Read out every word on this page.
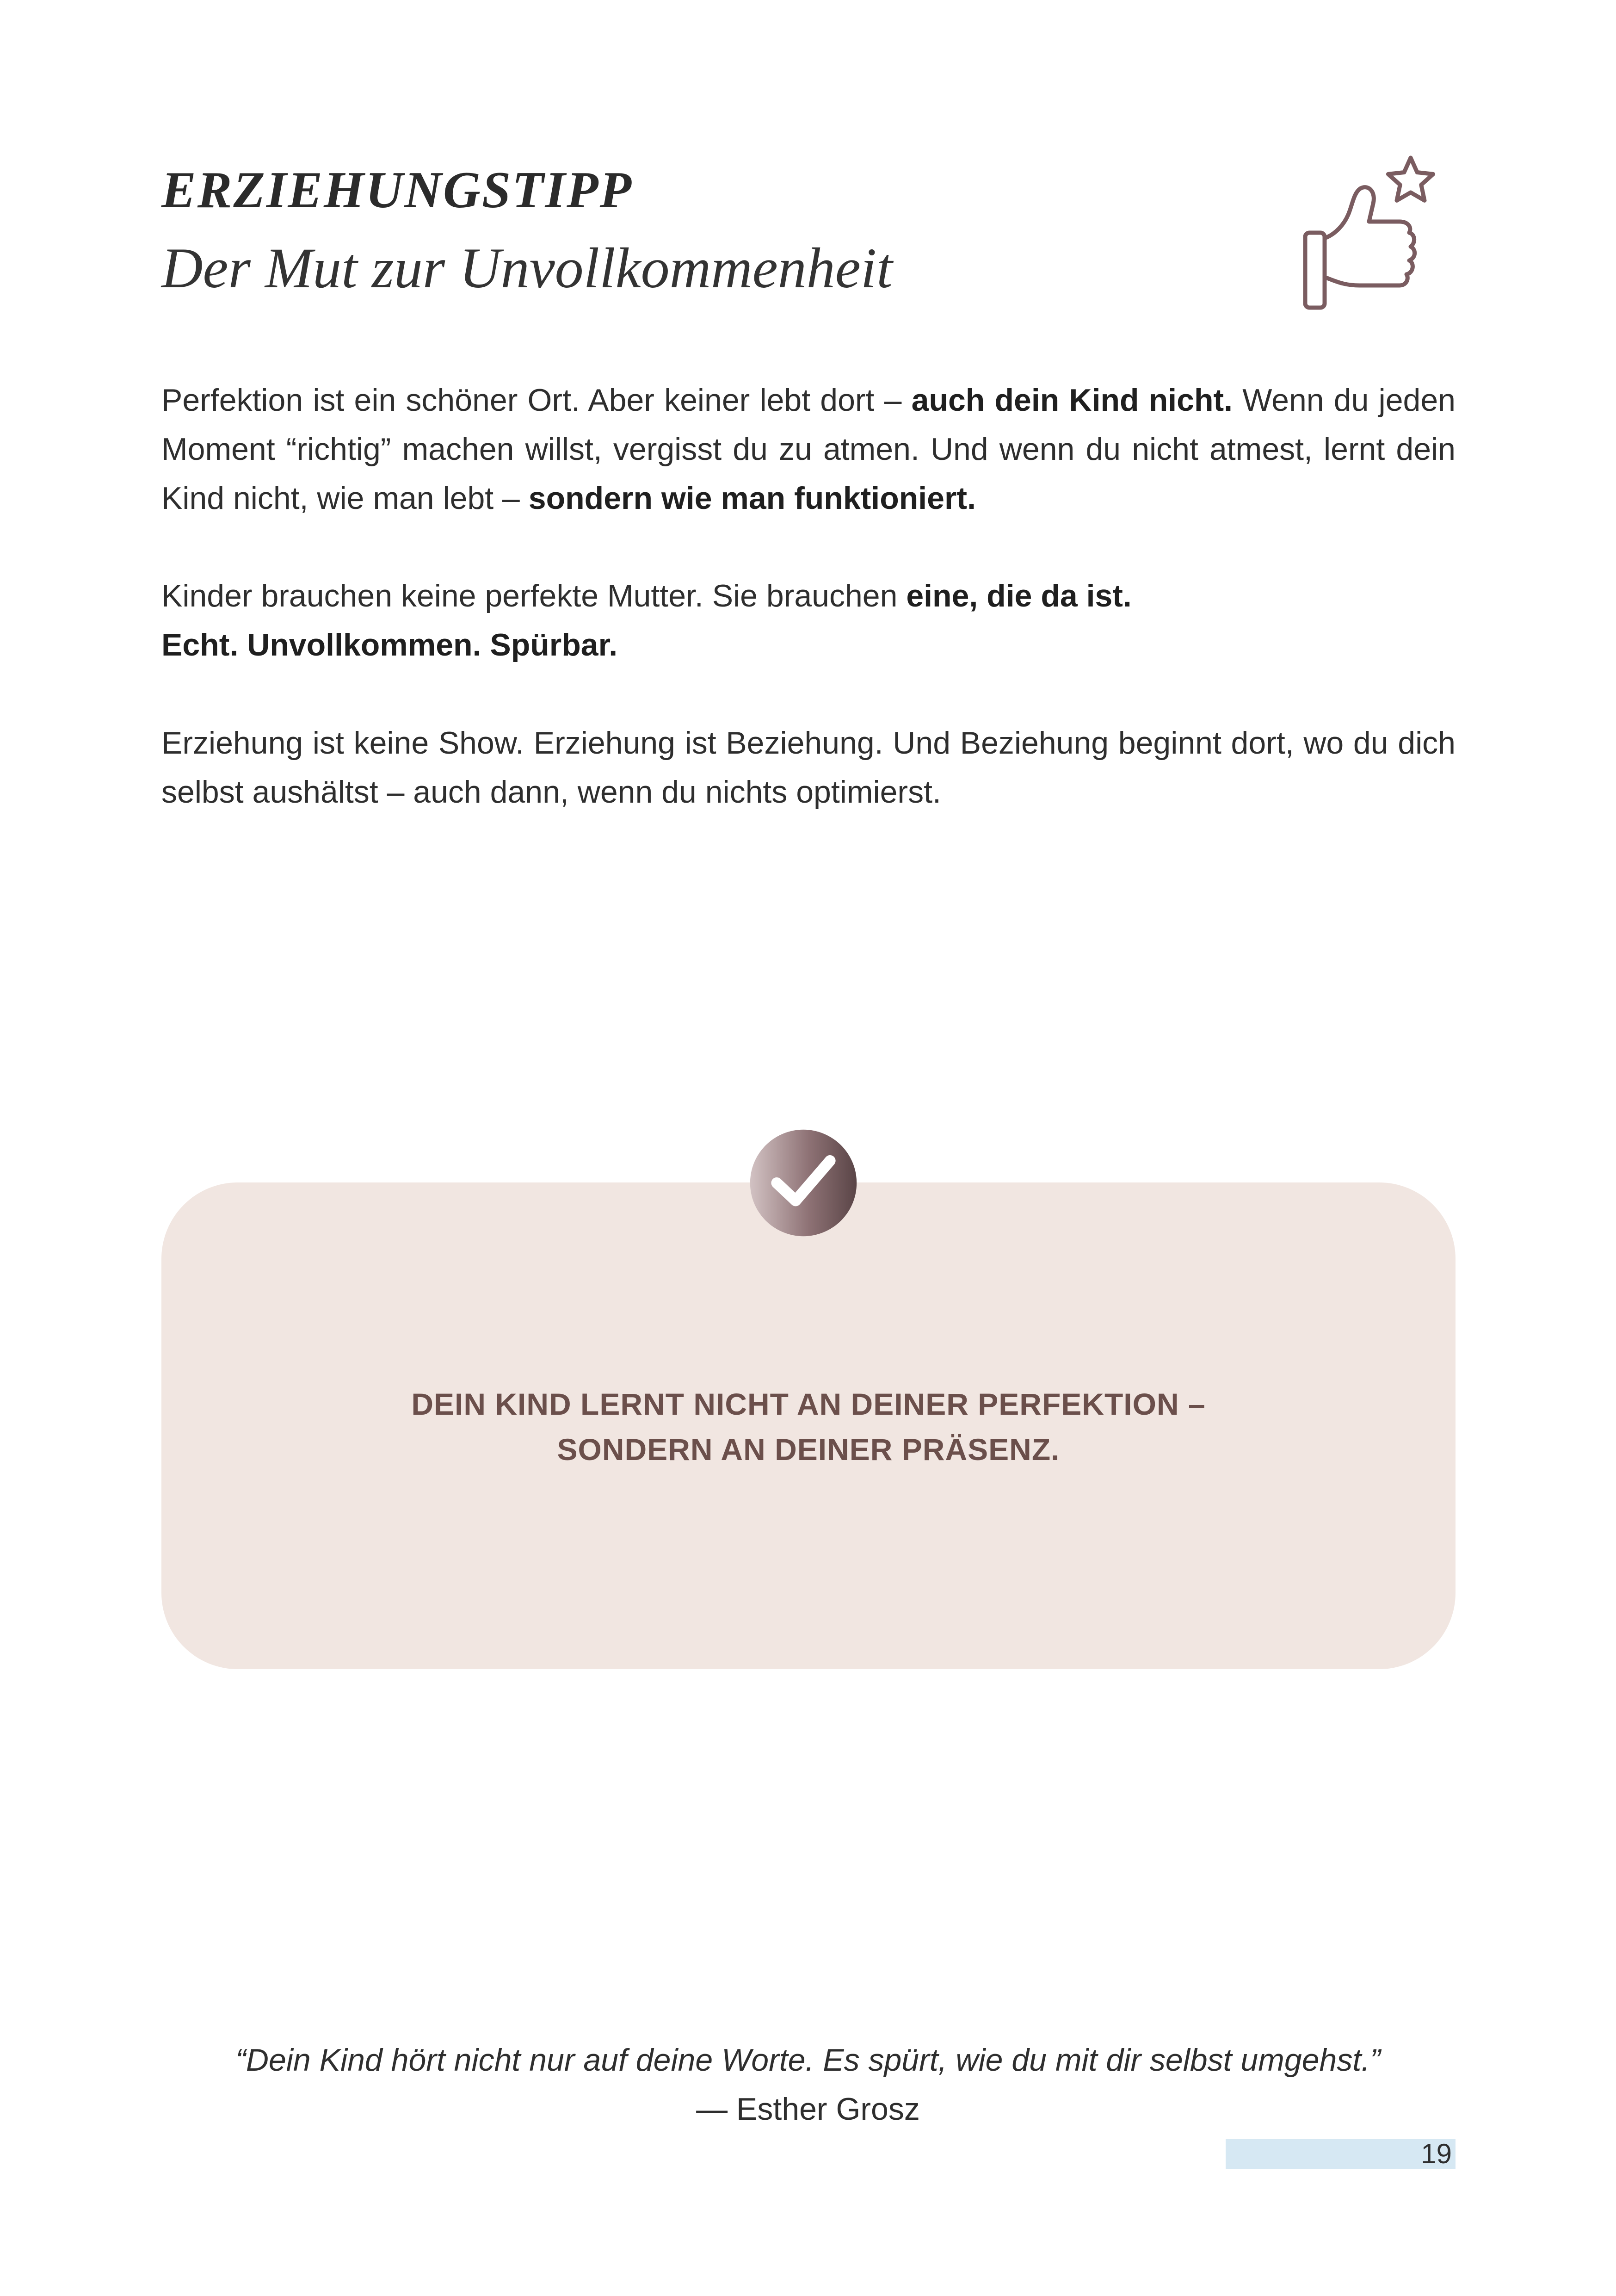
ERZIEHUNGSTIPP
Der Mut zur Unvollkommenheit

Perfektion ist ein schöner Ort. Aber keiner lebt dort – auch dein Kind nicht. Wenn du jeden Moment “richtig” machen willst, vergisst du zu atmen. Und wenn du nicht atmest, lernt dein Kind nicht, wie man lebt – sondern wie man funktioniert.

Kinder brauchen keine perfekte Mutter. Sie brauchen eine, die da ist.
Echt. Unvollkommen. Spürbar.

Erziehung ist keine Show. Erziehung ist Beziehung. Und Beziehung beginnt dort, wo du dich selbst aushältst – auch dann, wenn du nichts optimierst.

DEIN KIND LERNT NICHT AN DEINER PERFEKTION –
SONDERN AN DEINER PRÄSENZ.

“Dein Kind hört nicht nur auf deine Worte. Es spürt, wie du mit dir selbst umgehst.”

— Esther Grosz

19
